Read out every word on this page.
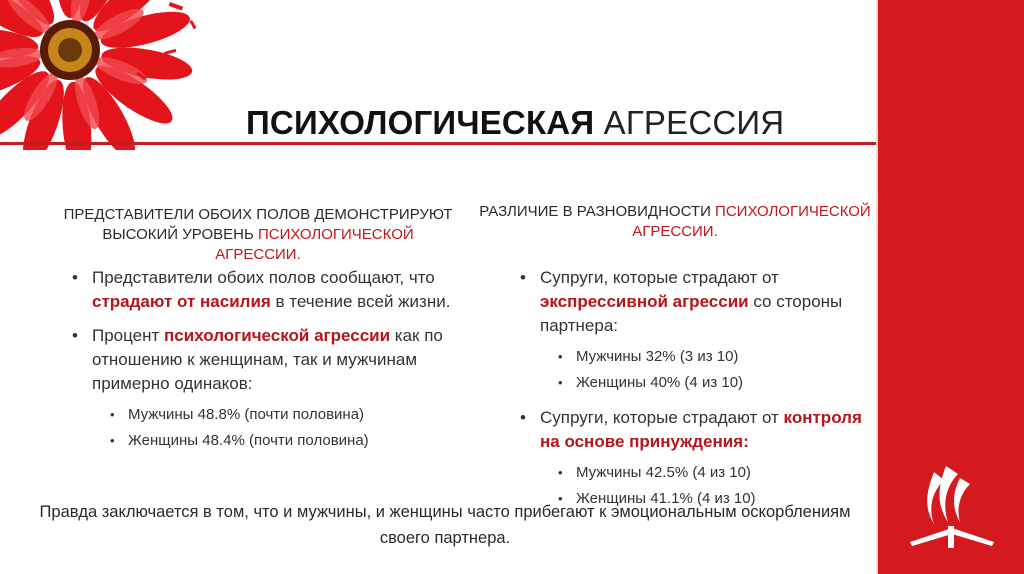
ПСИХОЛОГИЧЕСКАЯ АГРЕССИЯ
ПРЕДСТАВИТЕЛИ ОБОИХ ПОЛОВ ДЕМОНСТРИРУЮТ
ВЫСОКИЙ УРОВЕНЬ ПСИХОЛОГИЧЕСКОЙ АГРЕССИИ.
РАЗЛИЧИЕ В РАЗНОВИДНОСТИ ПСИХОЛОГИЧЕСКОЙ АГРЕССИИ.
• Представители обоих полов сообщают, что страдают от насилия в течение всей жизни.
• Процент психологической агрессии как по отношению к женщинам, так и мужчинам примерно одинаков:
• Мужчины 48.8% (почти половина)
• Женщины 48.4% (почти половина)
• Супруги, которые страдают от экспрессивной агрессии со стороны партнера:
• Мужчины 32% (3 из 10)
• Женщины 40% (4 из 10)
• Супруги, которые страдают от контроля на основе принуждения:
• Мужчины 42.5% (4 из 10)
• Женщины 41.1% (4 из 10)
Правда заключается в том, что и мужчины, и женщины часто прибегают к эмоциональным оскорблениям своего партнера.
